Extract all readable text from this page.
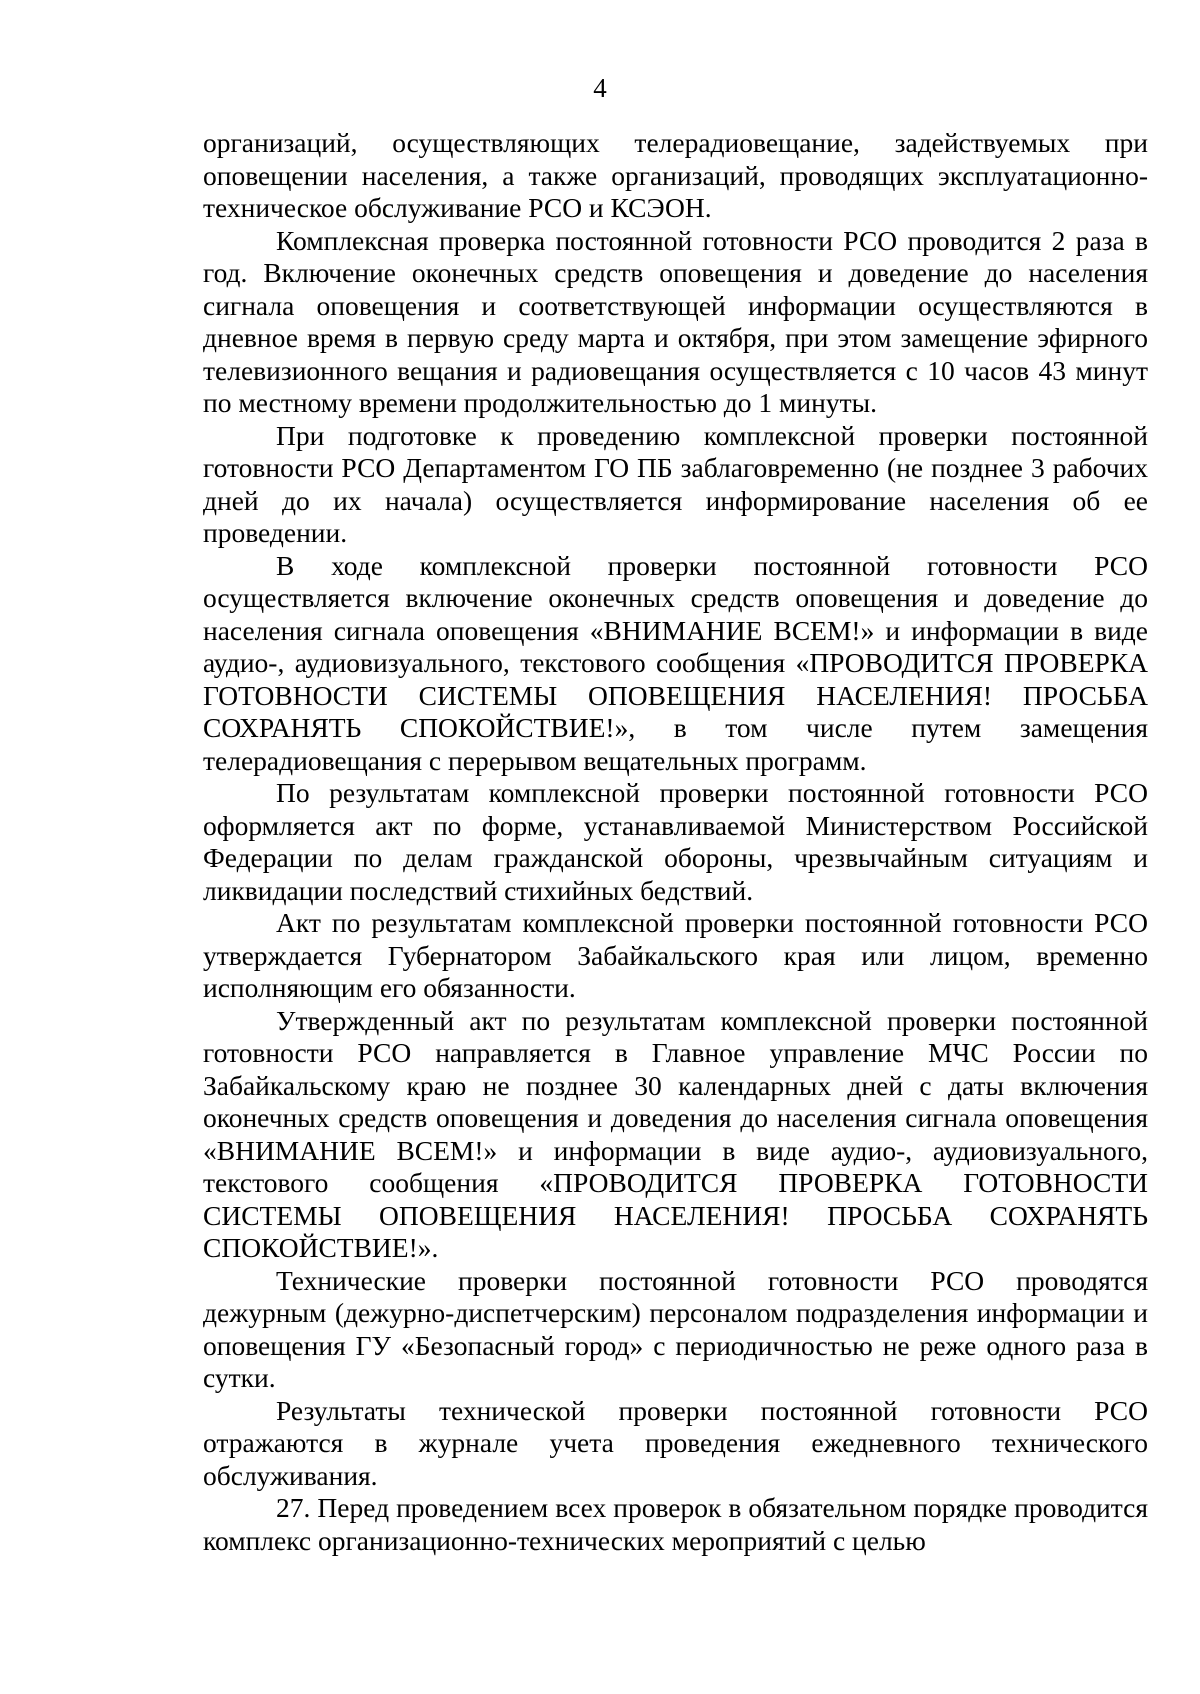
4

организаций, осуществляющих телерадиовещание, задействуемых при оповещении населения, а также организаций, проводящих эксплуатационно-техническое обслуживание РСО и КСЭОН.

Комплексная проверка постоянной готовности РСО проводится 2 раза в год. Включение оконечных средств оповещения и доведение до населения сигнала оповещения и соответствующей информации осуществляются в дневное время в первую среду марта и октября, при этом замещение эфирного телевизионного вещания и радиовещания осуществляется с 10 часов 43 минут по местному времени продолжительностью до 1 минуты.

При подготовке к проведению комплексной проверки постоянной готовности РСО Департаментом ГО ПБ заблаговременно (не позднее 3 рабочих дней до их начала) осуществляется информирование населения об ее проведении.

В ходе комплексной проверки постоянной готовности РСО осуществляется включение оконечных средств оповещения и доведение до населения сигнала оповещения «ВНИМАНИЕ ВСЕМ!» и информации в виде аудио-, аудиовизуального, текстового сообщения «ПРОВОДИТСЯ ПРОВЕРКА ГОТОВНОСТИ СИСТЕМЫ ОПОВЕЩЕНИЯ НАСЕЛЕНИЯ! ПРОСЬБА СОХРАНЯТЬ СПОКОЙСТВИЕ!», в том числе путем замещения телерадиовещания с перерывом вещательных программ.

По результатам комплексной проверки постоянной готовности РСО оформляется акт по форме, устанавливаемой Министерством Российской Федерации по делам гражданской обороны, чрезвычайным ситуациям и ликвидации последствий стихийных бедствий.

Акт по результатам комплексной проверки постоянной готовности РСО утверждается Губернатором Забайкальского края или лицом, временно исполняющим его обязанности.

Утвержденный акт по результатам комплексной проверки постоянной готовности РСО направляется в Главное управление МЧС России по Забайкальскому краю не позднее 30 календарных дней с даты включения оконечных средств оповещения и доведения до населения сигнала оповещения «ВНИМАНИЕ ВСЕМ!» и информации в виде аудио-, аудиовизуального, текстового сообщения «ПРОВОДИТСЯ ПРОВЕРКА ГОТОВНОСТИ СИСТЕМЫ ОПОВЕЩЕНИЯ НАСЕЛЕНИЯ! ПРОСЬБА СОХРАНЯТЬ СПОКОЙСТВИЕ!».

Технические проверки постоянной готовности РСО проводятся дежурным (дежурно-диспетчерским) персоналом подразделения информации и оповещения ГУ «Безопасный город» с периодичностью не реже одного раза в сутки.

Результаты технической проверки постоянной готовности РСО отражаются в журнале учета проведения ежедневного технического обслуживания.

27. Перед проведением всех проверок в обязательном порядке проводится комплекс организационно-технических мероприятий с целью
